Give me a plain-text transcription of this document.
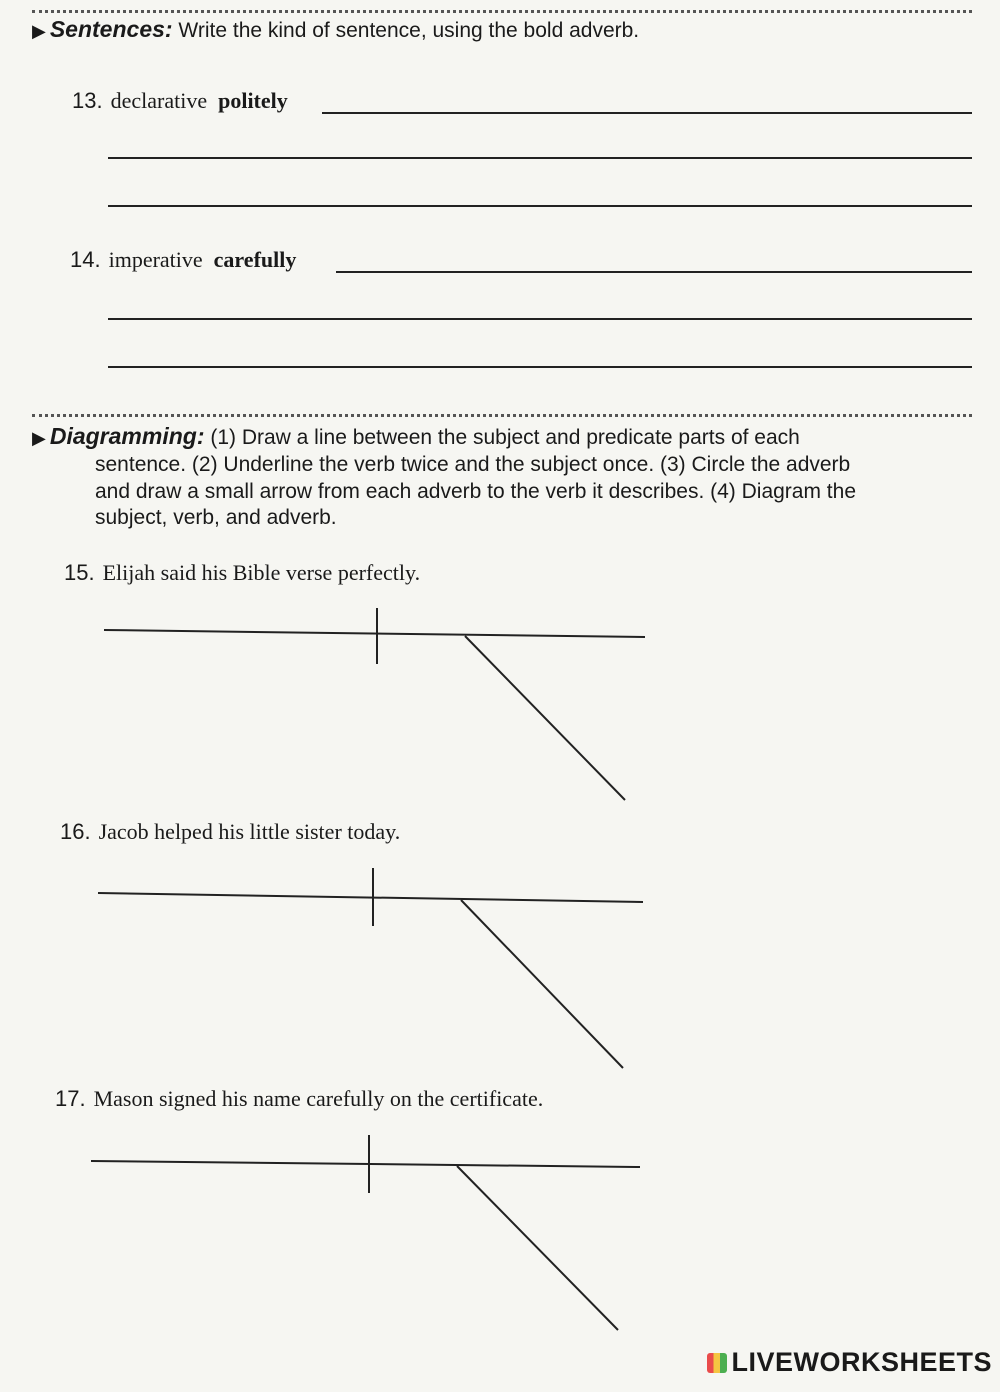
▶ Sentences: Write the kind of sentence, using the bold adverb.
13. declarative politely
14. imperative carefully
▶ Diagramming: (1) Draw a line between the subject and predicate parts of each
sentence. (2) Underline the verb twice and the subject once. (3) Circle the adverb
and draw a small arrow from each adverb to the verb it describes. (4) Diagram the
subject, verb, and adverb.
15. Elijah said his Bible verse perfectly.
16. Jacob helped his little sister today.
17. Mason signed his name carefully on the certificate.
LIVEWORKSHEETS
